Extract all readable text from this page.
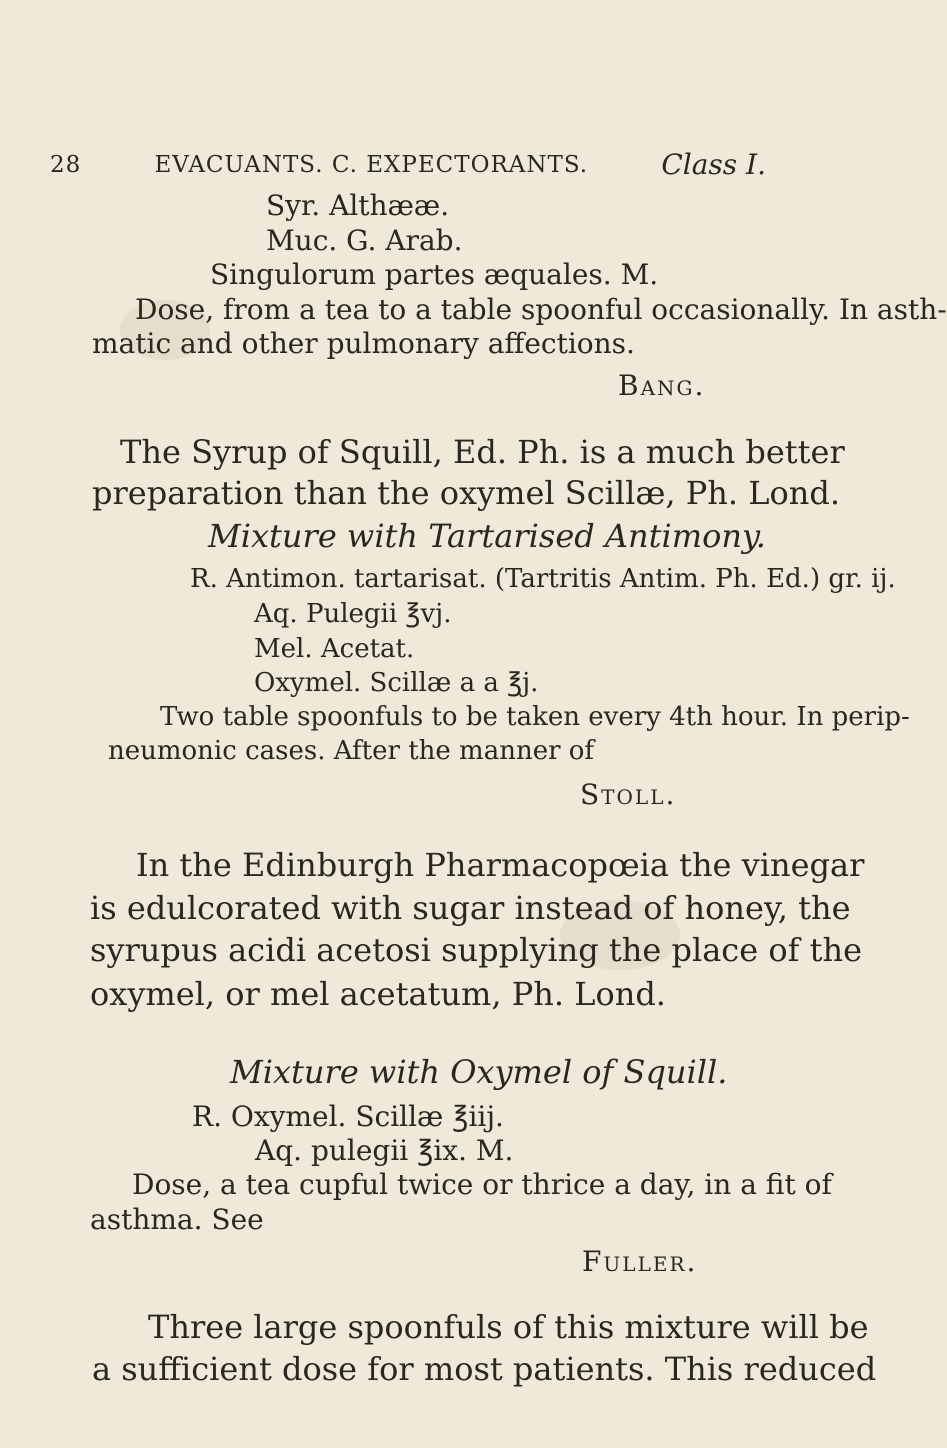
28	EVACUANTS. C. EXPECTORANTS.	Class I.
Syr. Althææ.
Muc. G. Arab.
Singulorum partes æquales. M.
Dose, from a tea to a table spoonful occasionally. In asth-
matic and other pulmonary affections.
Bang.
The Syrup of Squill, Ed. Ph. is a much better
preparation than the oxymel Scillæ, Ph. Lond.
Mixture with Tartarised Antimony.
R. Antimon. tartarisat. (Tartritis Antim. Ph. Ed.) gr. ij.
Aq. Pulegii ℥vj.
Mel. Acetat.
Oxymel. Scillæ a a ℥j.
Two table spoonfuls to be taken every 4th hour. In perip-
neumonic cases. After the manner of
Stoll.
In the Edinburgh Pharmacopœia the vinegar
is edulcorated with sugar instead of honey, the
syrupus acidi acetosi supplying the place of the
oxymel, or mel acetatum, Ph. Lond.
Mixture with Oxymel of Squill.
R. Oxymel. Scillæ ℥iij.
Aq. pulegii ℥ix. M.
Dose, a tea cupful twice or thrice a day, in a fit of
asthma. See
Fuller.
Three large spoonfuls of this mixture will be
a sufficient dose for most patients. This reduced
